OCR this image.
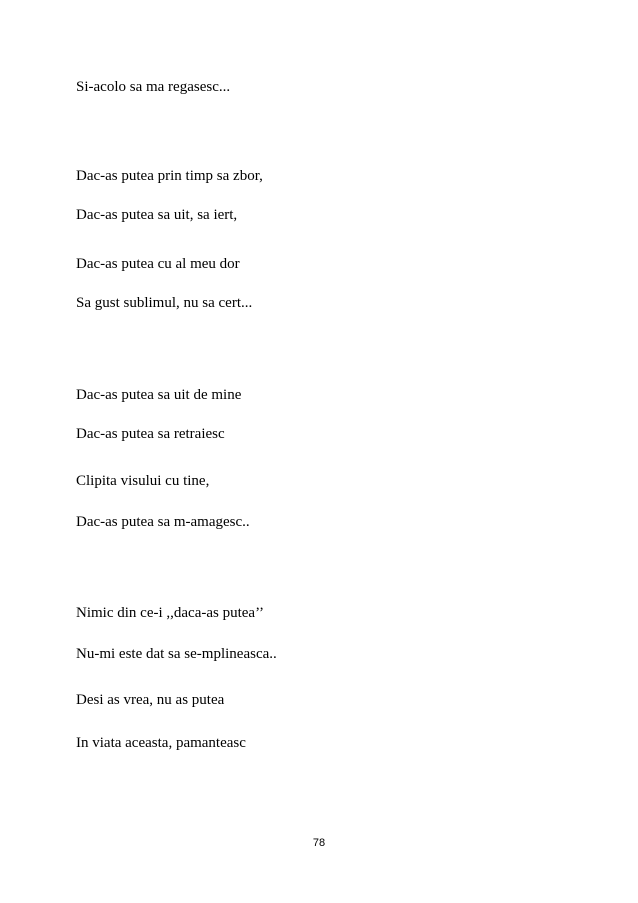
Si-acolo sa ma regasesc...
Dac-as putea prin timp sa zbor,
Dac-as putea sa uit, sa iert,
Dac-as putea cu al meu dor
Sa gust sublimul, nu sa cert...
Dac-as putea sa uit de mine
Dac-as putea sa retraiesc
Clipita visului cu tine,
Dac-as putea sa m-amagesc..
Nimic din ce-i ,,daca-as putea’’
Nu-mi este dat sa se-mplineasca..
Desi as vrea, nu as putea
In viata aceasta, pamanteasc
78
